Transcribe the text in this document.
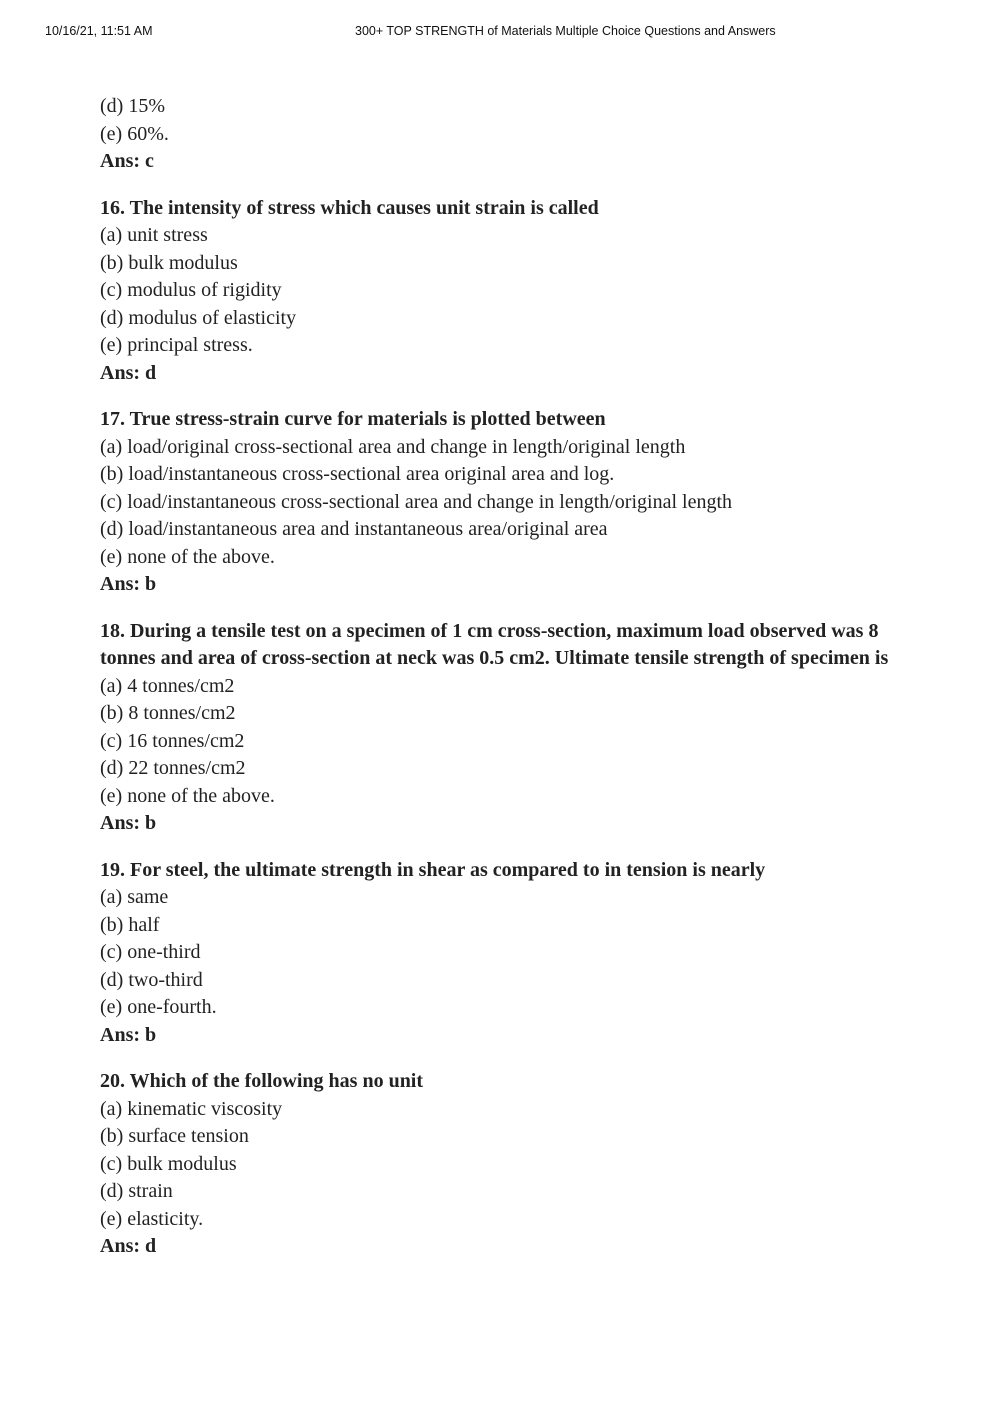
10/16/21, 11:51 AM	300+ TOP STRENGTH of Materials Multiple Choice Questions and Answers
(d) 15%
(e) 60%.
Ans: c
16. The intensity of stress which causes unit strain is called
(a) unit stress
(b) bulk modulus
(c) modulus of rigidity
(d) modulus of elasticity
(e) principal stress.
Ans: d
17. True stress-strain curve for materials is plotted between
(a) load/original cross-sectional area and change in length/original length
(b) load/instantaneous cross-sectional area original area and log.
(c) load/instantaneous cross-sectional area and change in length/original length
(d) load/instantaneous area and instantaneous area/original area
(e) none of the above.
Ans: b
18. During a tensile test on a specimen of 1 cm cross-section, maximum load observed was 8 tonnes and area of cross-section at neck was 0.5 cm2. Ultimate tensile strength of specimen is
(a) 4 tonnes/cm2
(b) 8 tonnes/cm2
(c) 16 tonnes/cm2
(d) 22 tonnes/cm2
(e) none of the above.
Ans: b
19. For steel, the ultimate strength in shear as compared to in tension is nearly
(a) same
(b) half
(c) one-third
(d) two-third
(e) one-fourth.
Ans: b
20. Which of the following has no unit
(a) kinematic viscosity
(b) surface tension
(c) bulk modulus
(d) strain
(e) elasticity.
Ans: d
